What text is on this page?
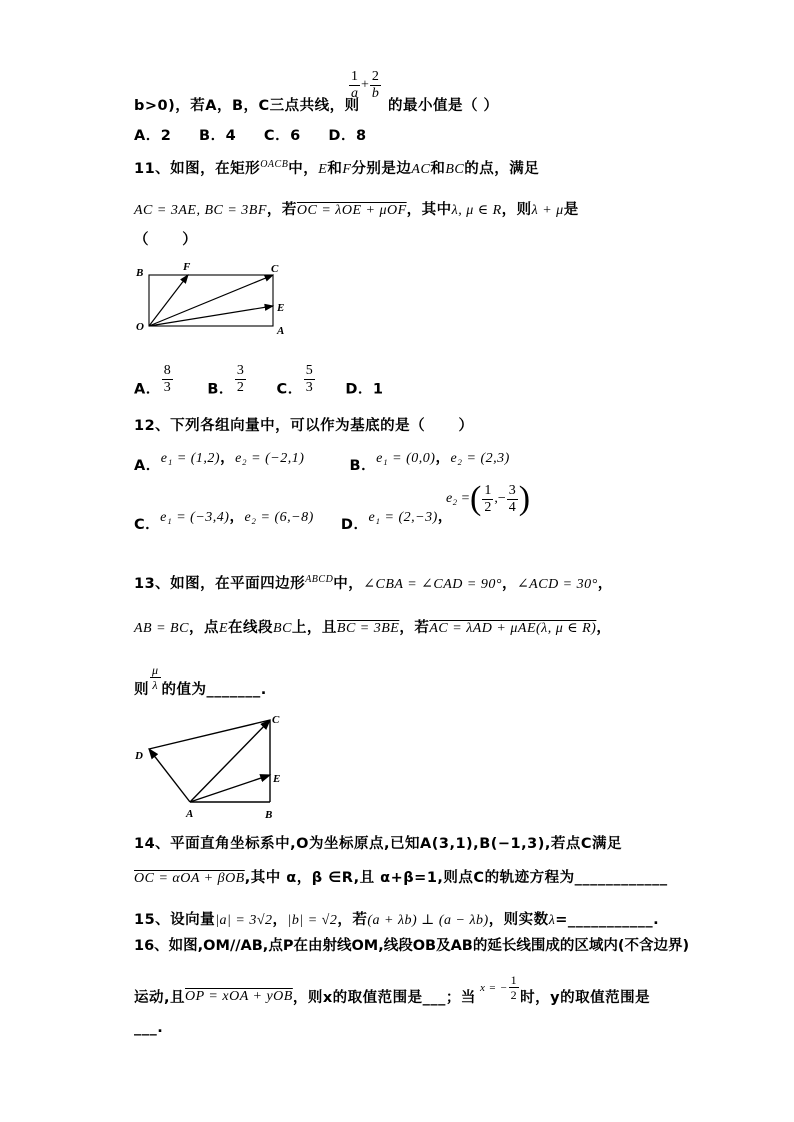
b>0)，若A，B，C三点共线，则
$\frac{1}{a} + \frac{2}{b}$
的最小值是（ ）
A．2     B．4     C．6     D．8
11、如图，在矩形$^{OACB}$中，E和F分别是边AC和BC的点，满足
AC = 3AE, BC = 3BF，若OC = λOE + μOF，其中λ, μ ∈ R，则λ + μ是
（      ）
B	F	C
E
O	A
A． $\frac{8}{3}$ B． $\frac{3}{2}$ C． $\frac{5}{3}$ D．1
12、下列各组向量中，可以作为基底的是（      ）
A．e₁ = (1,2)，e₂ = (−2,1)	B．e₁ = (0,0)，e₂ = (2,3)
C．e₁ = (−3,4)，e₂ = (6,−8) D．e₁ = (2,−3)，
e₂ = ( $\frac{1}{2}$ ,− $\frac{3}{4}$ )
13、如图，在平面四边形$^{ABCD}$中，∠CBA = ∠CAD = 90°，∠ACD = 30°，
AB = BC，点E在线段BC上，且BC = 3BE，若AC = λAD + μAE(λ, μ ∈ R)，
则 $\frac{\mu}{\lambda}$ 的值为_______.
C
D
E
A	B
14、平面直角坐标系中,O为坐标原点,已知A(3,1),B(−1,3),若点C满足
OC = αOA + βOB,其中 α，β ∈R,且 α+β=1,则点C的轨迹方程为____________
15、设向量|a| = 3√2，|b| = √2，若(a + λb) ⊥ (a − λb)，则实数λ=___________.
16、如图,OM//AB,点P在由射线OM,线段OB及AB的延长线围成的区域内(不含边界)
运动,且 OP = xOA + yOB ，则x的取值范围是___；当
x = − $\frac{1}{2}$ 时，y的取值范围是
___.
